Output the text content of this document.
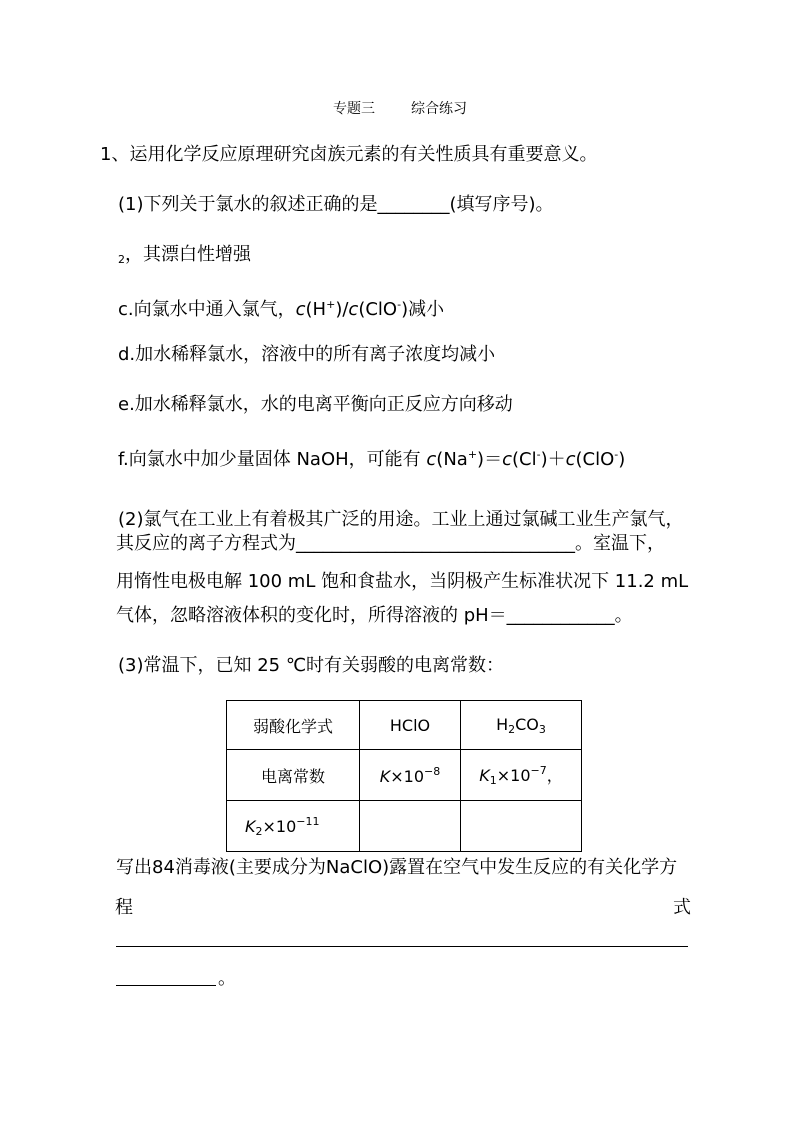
专题三	综合练习
1、运用化学反应原理研究卤族元素的有关性质具有重要意义。
(1)下列关于氯水的叙述正确的是________(填写序号)。
$_2$，其漂白性增强
c.向氯水中通入氯气，c(H+)/c(ClO-)减小
d.加水稀释氯水，溶液中的所有离子浓度均减小
e.加水稀释氯水，水的电离平衡向正反应方向移动
f.向氯水中加少量固体 NaOH，可能有 c(Na+)＝c(Cl-)＋c(ClO-)
(2)氯气在工业上有着极其广泛的用途。工业上通过氯碱工业生产氯气，
其反应的离子方程式为_______________________________。室温下，
用惰性电极电解 100 mL 饱和食盐水，当阴极产生标准状况下 11.2 mL
气体，忽略溶液体积的变化时，所得溶液的 pH＝____________。
(3)常温下，已知 25 ℃时有关弱酸的电离常数：
弱酸化学式	HClO	$H_2CO_3$
电离常数	$K\times 10^{-8}$	$K_1\times 10^{-7}$，
$K_2\times 10^{-11}$		
写出84消毒液(主要成分为NaClO)露置在空气中发生反应的有关化学方
程	式
。
